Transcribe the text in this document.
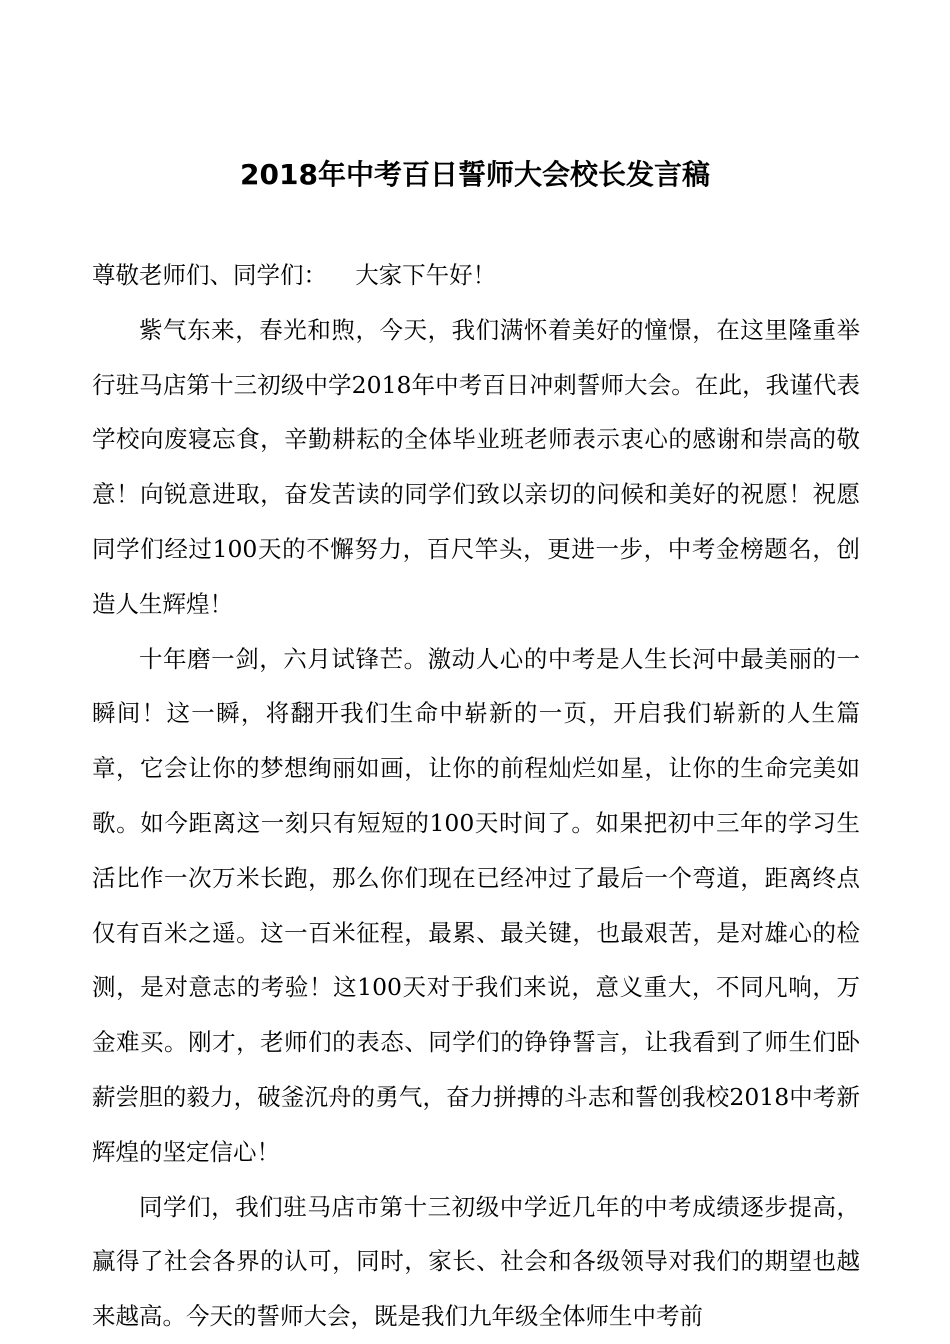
2018年中考百日誓师大会校长发言稿

尊敬老师们、同学们： 大家下午好！

紫气东来，春光和煦，今天，我们满怀着美好的憧憬，在这里隆重举行驻马店第十三初级中学2018年中考百日冲刺誓师大会。在此，我谨代表学校向废寝忘食，辛勤耕耘的全体毕业班老师表示衷心的感谢和崇高的敬意！向锐意进取，奋发苦读的同学们致以亲切的问候和美好的祝愿！祝愿同学们经过100天的不懈努力，百尺竿头，更进一步，中考金榜题名，创造人生辉煌！

十年磨一剑，六月试锋芒。激动人心的中考是人生长河中最美丽的一瞬间！这一瞬，将翻开我们生命中崭新的一页，开启我们崭新的人生篇章，它会让你的梦想绚丽如画，让你的前程灿烂如星，让你的生命完美如歌。如今距离这一刻只有短短的100天时间了。如果把初中三年的学习生活比作一次万米长跑，那么你们现在已经冲过了最后一个弯道，距离终点仅有百米之遥。这一百米征程，最累、最关键，也最艰苦，是对雄心的检测，是对意志的考验！这100天对于我们来说，意义重大，不同凡响，万金难买。刚才，老师们的表态、同学们的铮铮誓言，让我看到了师生们卧薪尝胆的毅力，破釜沉舟的勇气，奋力拼搏的斗志和誓创我校2018中考新辉煌的坚定信心！

同学们，我们驻马店市第十三初级中学近几年的中考成绩逐步提高，赢得了社会各界的认可，同时，家长、社会和各级领导对我们的期望也越来越高。今天的誓师大会，既是我们九年级全体师生中考前
